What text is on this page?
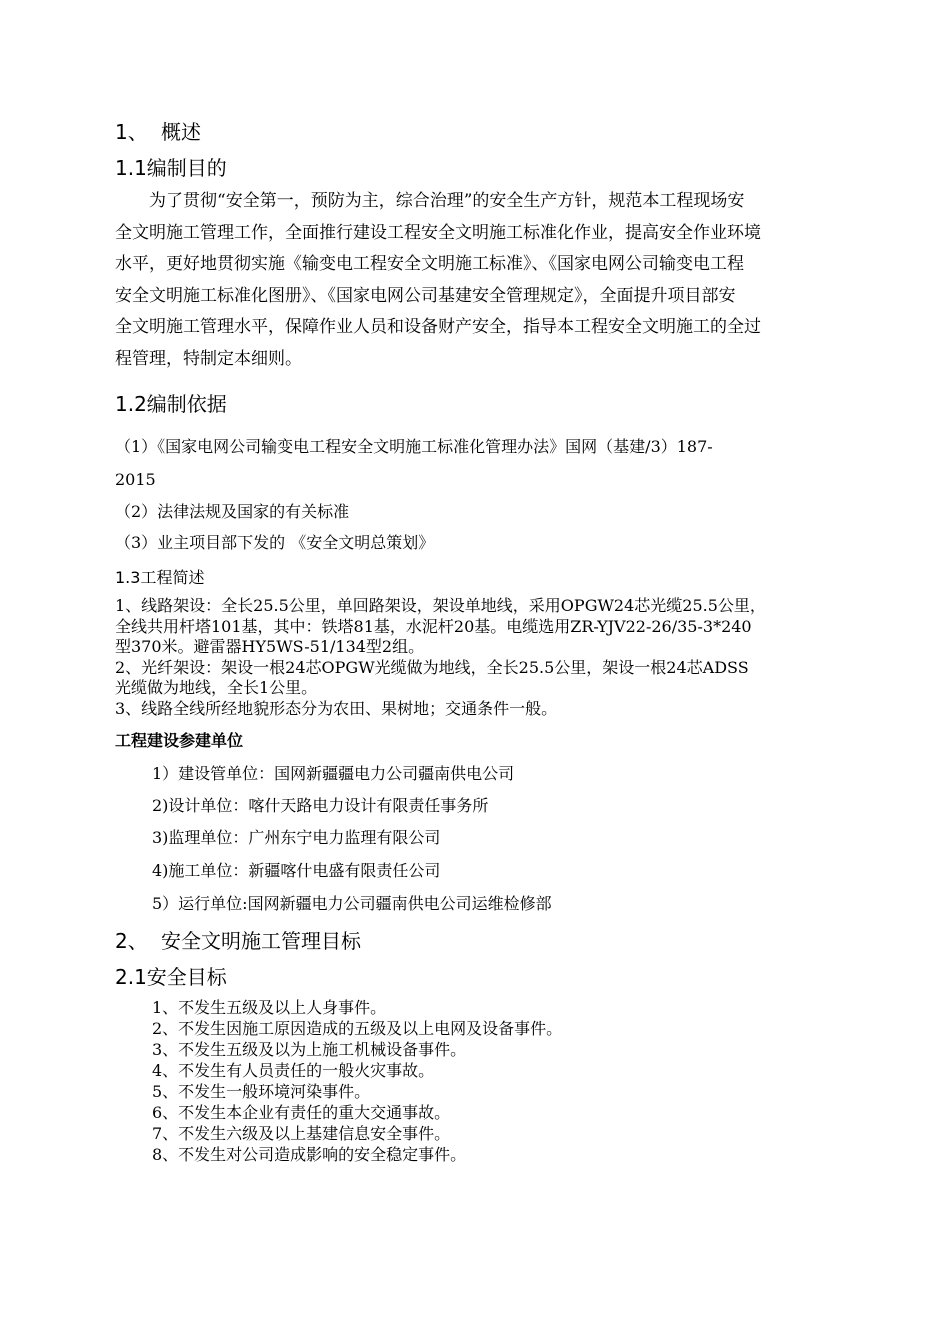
1、 概述
1.1编制目的
　　为了贯彻“安全第一，预防为主，综合治理”的安全生产方针，规范本工程现场安
全文明施工管理工作，全面推行建设工程安全文明施工标准化作业，提高安全作业环境
水平，更好地贯彻实施《输变电工程安全文明施工标准》、《国家电网公司输变电工程
安全文明施工标准化图册》、《国家电网公司基建安全管理规定》，全面提升项目部安
全文明施工管理水平，保障作业人员和设备财产安全，指导本工程安全文明施工的全过
程管理，特制定本细则。
1.2编制依据
（1）《国家电网公司输变电工程安全文明施工标准化管理办法》国网（基建/3）187-
2015
（2）法律法规及国家的有关标准
（3）业主项目部下发的 《安全文明总策划》
1.3工程简述
1、线路架设：全长25.5公里，单回路架设，架设单地线，采用OPGW24芯光缆25.5公里，
全线共用杆塔101基，其中：铁塔81基，水泥杆20基。电缆选用ZR-YJV22-26/35-3*240
型370米。避雷器HY5WS-51/134型2组。
2、光纤架设：架设一根24芯OPGW光缆做为地线，全长25.5公里，架设一根24芯ADSS
光缆做为地线，全长1公里。
3、线路全线所经地貌形态分为农田、果树地；交通条件一般。
工程建设参建单位
1）建设管单位：国网新疆疆电力公司疆南供电公司
2)设计单位：喀什天路电力设计有限责任事务所
3)监理单位：广州东宁电力监理有限公司
4)施工单位：新疆喀什电盛有限责任公司
5）运行单位:国网新疆电力公司疆南供电公司运维检修部
2、 安全文明施工管理目标
2.1安全目标
1、不发生五级及以上人身事件。
2、不发生因施工原因造成的五级及以上电网及设备事件。
3、不发生五级及以为上施工机械设备事件。
4、不发生有人员责任的一般火灾事故。
5、不发生一般环境河染事件。
6、不发生本企业有责任的重大交通事故。
7、不发生六级及以上基建信息安全事件。
8、不发生对公司造成影响的安全稳定事件。
